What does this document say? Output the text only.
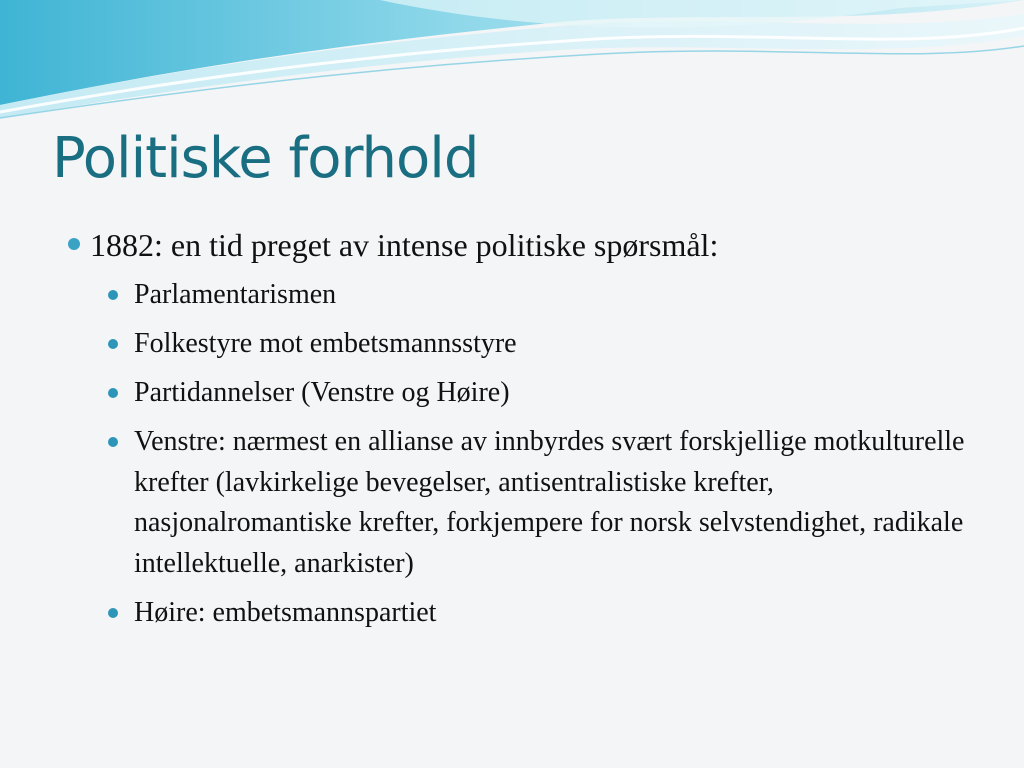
Politiske forhold
1882: en tid preget av intense politiske spørsmål:
Parlamentarismen
Folkestyre mot embetsmannsstyre
Partidannelser (Venstre og Høire)
Venstre: nærmest en allianse av innbyrdes svært forskjellige motkulturelle krefter (lavkirkelige bevegelser, antisentralistiske krefter, nasjonalromantiske krefter, forkjempere for norsk selvstendighet, radikale intellektuelle, anarkister)
Høire: embetsmannspartiet
